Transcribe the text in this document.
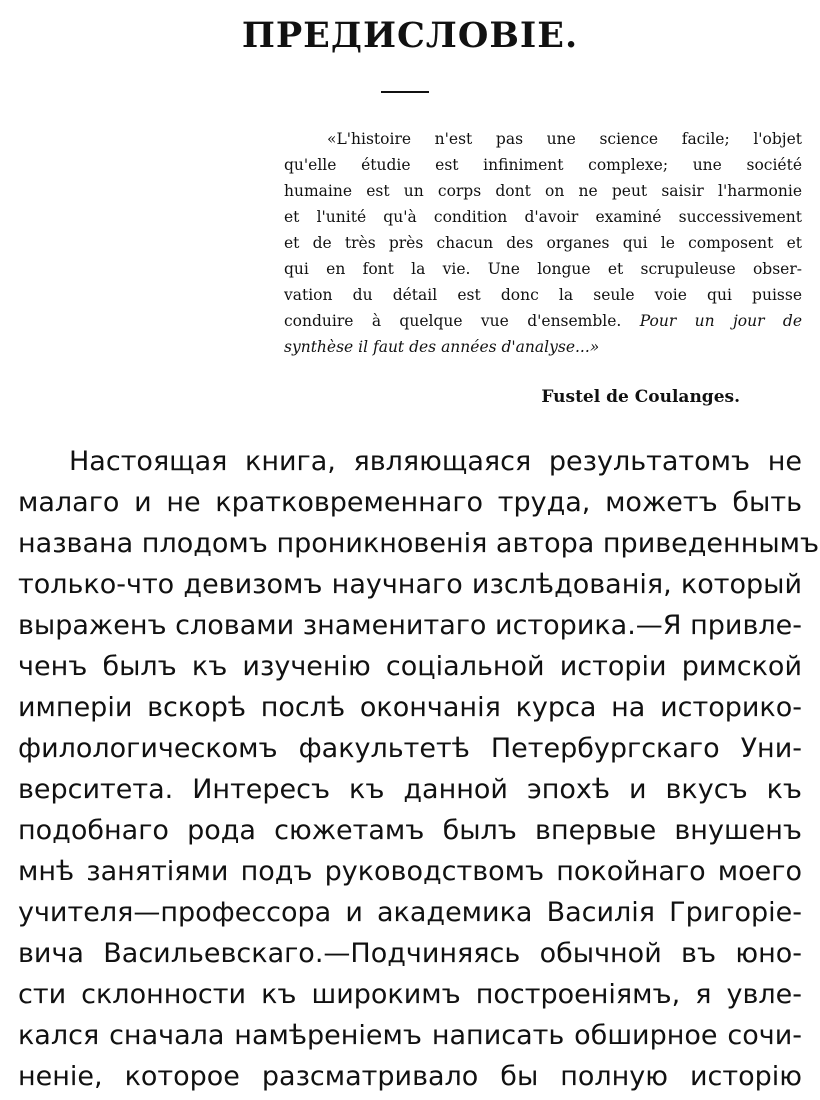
ПРЕДИСЛОВІЕ.
«L'histoire n'est pas une science facile; l'objet
qu'elle étudie est infiniment complexe; une société
humaine est un corps dont on ne peut saisir l'harmonie
et l'unité qu'à condition d'avoir examiné successivement
et de très près chacun des organes qui le composent et
qui en font la vie. Une longue et scrupuleuse obser-
vation du détail est donc la seule voie qui puisse
conduire à quelque vue d'ensemble. Pour un jour de
synthèse il faut des années d'analyse...»
Fustel de Coulanges.
Настоящая книга, являющаяся результатомъ не
малаго и не кратковременнаго труда, можетъ быть
названа плодомъ проникновенія автора приведеннымъ
только-что девизомъ научнаго изслѣдованія, который
выраженъ словами знаменитаго историка.—Я привле-
ченъ былъ къ изученію соціальной исторіи римской
имперіи вскорѣ послѣ окончанія курса на историко-
филологическомъ факультетѣ Петербургскаго Уни-
верситета. Интересъ къ данной эпохѣ и вкусъ къ
подобнаго рода сюжетамъ былъ впервые внушенъ
мнѣ занятіями подъ руководствомъ покойнаго моего
учителя—профессора и академика Василія Григоріе-
вича Васильевскаго.—Подчиняясь обычной въ юно-
сти склонности къ широкимъ построеніямъ, я увле-
кался сначала намѣреніемъ написать обширное сочи-
неніе, которое разсматривало бы полную исторію
